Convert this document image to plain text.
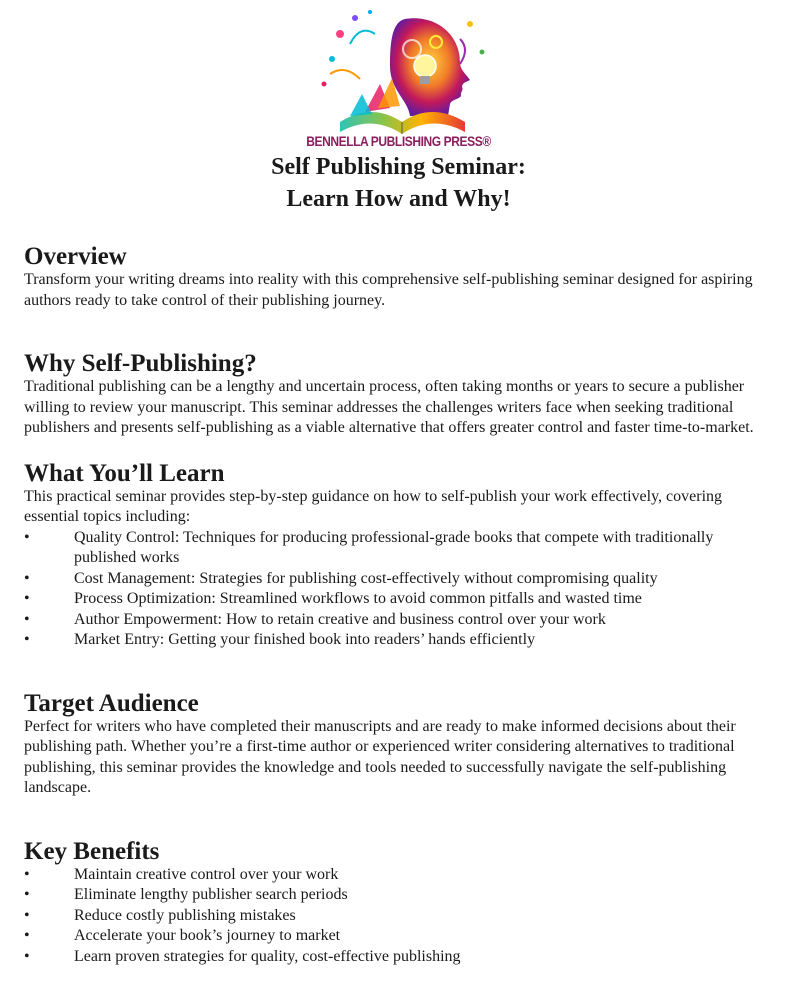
BENNELLA PUBLISHING PRESS®
Self Publishing Seminar:
Learn How and Why!
Overview

Transform your writing dreams into reality with this comprehensive self-publishing seminar designed for aspiring authors ready to take control of their publishing journey.

Why Self-Publishing?

Traditional publishing can be a lengthy and uncertain process, often taking months or years to secure a publisher willing to review your manuscript. This seminar addresses the challenges writers face when seeking traditional publishers and presents self-publishing as a viable alternative that offers greater control and faster time-to-market.

What You’ll Learn

This practical seminar provides step-by-step guidance on how to self-publish your work effectively, covering essential topics including:

•	Quality Control: Techniques for producing professional-grade books that compete with traditionally published works
•	Cost Management: Strategies for publishing cost-effectively without compromising quality
•	Process Optimization: Streamlined workflows to avoid common pitfalls and wasted time
•	Author Empowerment: How to retain creative and business control over your work
•	Market Entry: Getting your finished book into readers’ hands efficiently
Target Audience

Perfect for writers who have completed their manuscripts and are ready to make informed decisions about their publishing path. Whether you’re a first-time author or experienced writer considering alternatives to traditional publishing, this seminar provides the knowledge and tools needed to successfully navigate the self-publishing landscape.

Key Benefits
•	Maintain creative control over your work
•	Eliminate lengthy publisher search periods
•	Reduce costly publishing mistakes
•	Accelerate your book’s journey to market
•	Learn proven strategies for quality, cost-effective publishing
